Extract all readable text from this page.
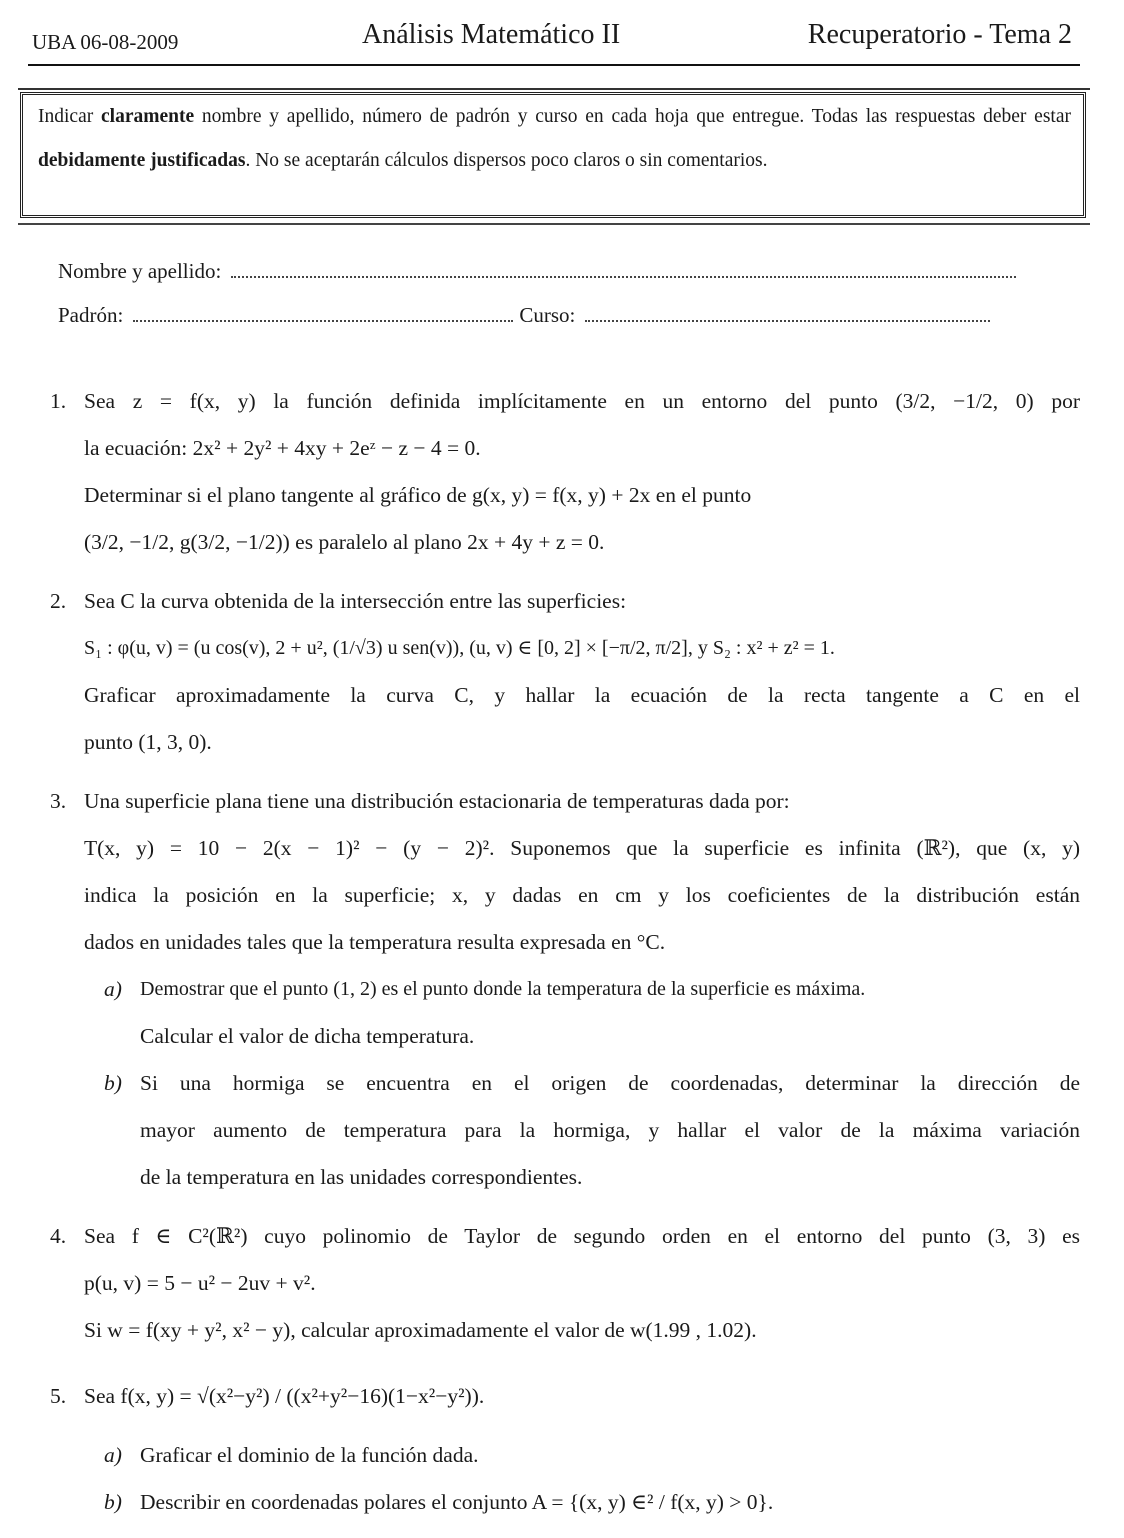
UBA 06-08-2009	Análisis Matemático II	Recuperatorio - Tema 2

Indicar claramente nombre y apellido, número de padrón y curso en cada hoja que entregue. Todas las respuestas deber estar debidamente justificadas. No se aceptarán cálculos dispersos poco claros o sin comentarios.

Nombre y apellido:
Padrón:	Curso:
1. Sea z = f(x, y) la función definida implícitamente en un entorno del punto (3/2, −1/2, 0) por
la ecuación: 2x² + 2y² + 4xy + 2eᶻ − z − 4 = 0.
Determinar si el plano tangente al gráfico de g(x, y) = f(x, y) + 2x en el punto
(3/2, −1/2, g(3/2, −1/2)) es paralelo al plano 2x + 4y + z = 0.
2. Sea C la curva obtenida de la intersección entre las superficies:
S₁ : φ(u, v) = (u cos(v), 2 + u², (1/√3) u sen(v)), (u, v) ∈ [0, 2] × [−π/2, π/2], y S₂ : x² + z² = 1.
Graficar aproximadamente la curva C, y hallar la ecuación de la recta tangente a C en el
punto (1, 3, 0).
3. Una superficie plana tiene una distribución estacionaria de temperaturas dada por:
T(x, y) = 10 − 2(x − 1)² − (y − 2)². Suponemos que la superficie es infinita (ℝ²), que (x, y)
indica la posición en la superficie; x, y dadas en cm y los coeficientes de la distribución están
dados en unidades tales que la temperatura resulta expresada en °C.
a) Demostrar que el punto (1, 2) es el punto donde la temperatura de la superficie es máxima.
Calcular el valor de dicha temperatura.
b) Si una hormiga se encuentra en el origen de coordenadas, determinar la dirección de
mayor aumento de temperatura para la hormiga, y hallar el valor de la máxima variación
de la temperatura en las unidades correspondientes.
4. Sea f ∈ C²(ℝ²) cuyo polinomio de Taylor de segundo orden en el entorno del punto (3, 3) es
p(u, v) = 5 − u² − 2uv + v².
Si w = f(xy + y², x² − y), calcular aproximadamente el valor de w(1.99 , 1.02).
5. Sea f(x, y) = √(x²−y²) / ((x²+y²−16)(1−x²−y²)).
a) Graficar el dominio de la función dada.
b) Describir en coordenadas polares el conjunto A = {(x, y) ∈² / f(x, y) > 0}.
